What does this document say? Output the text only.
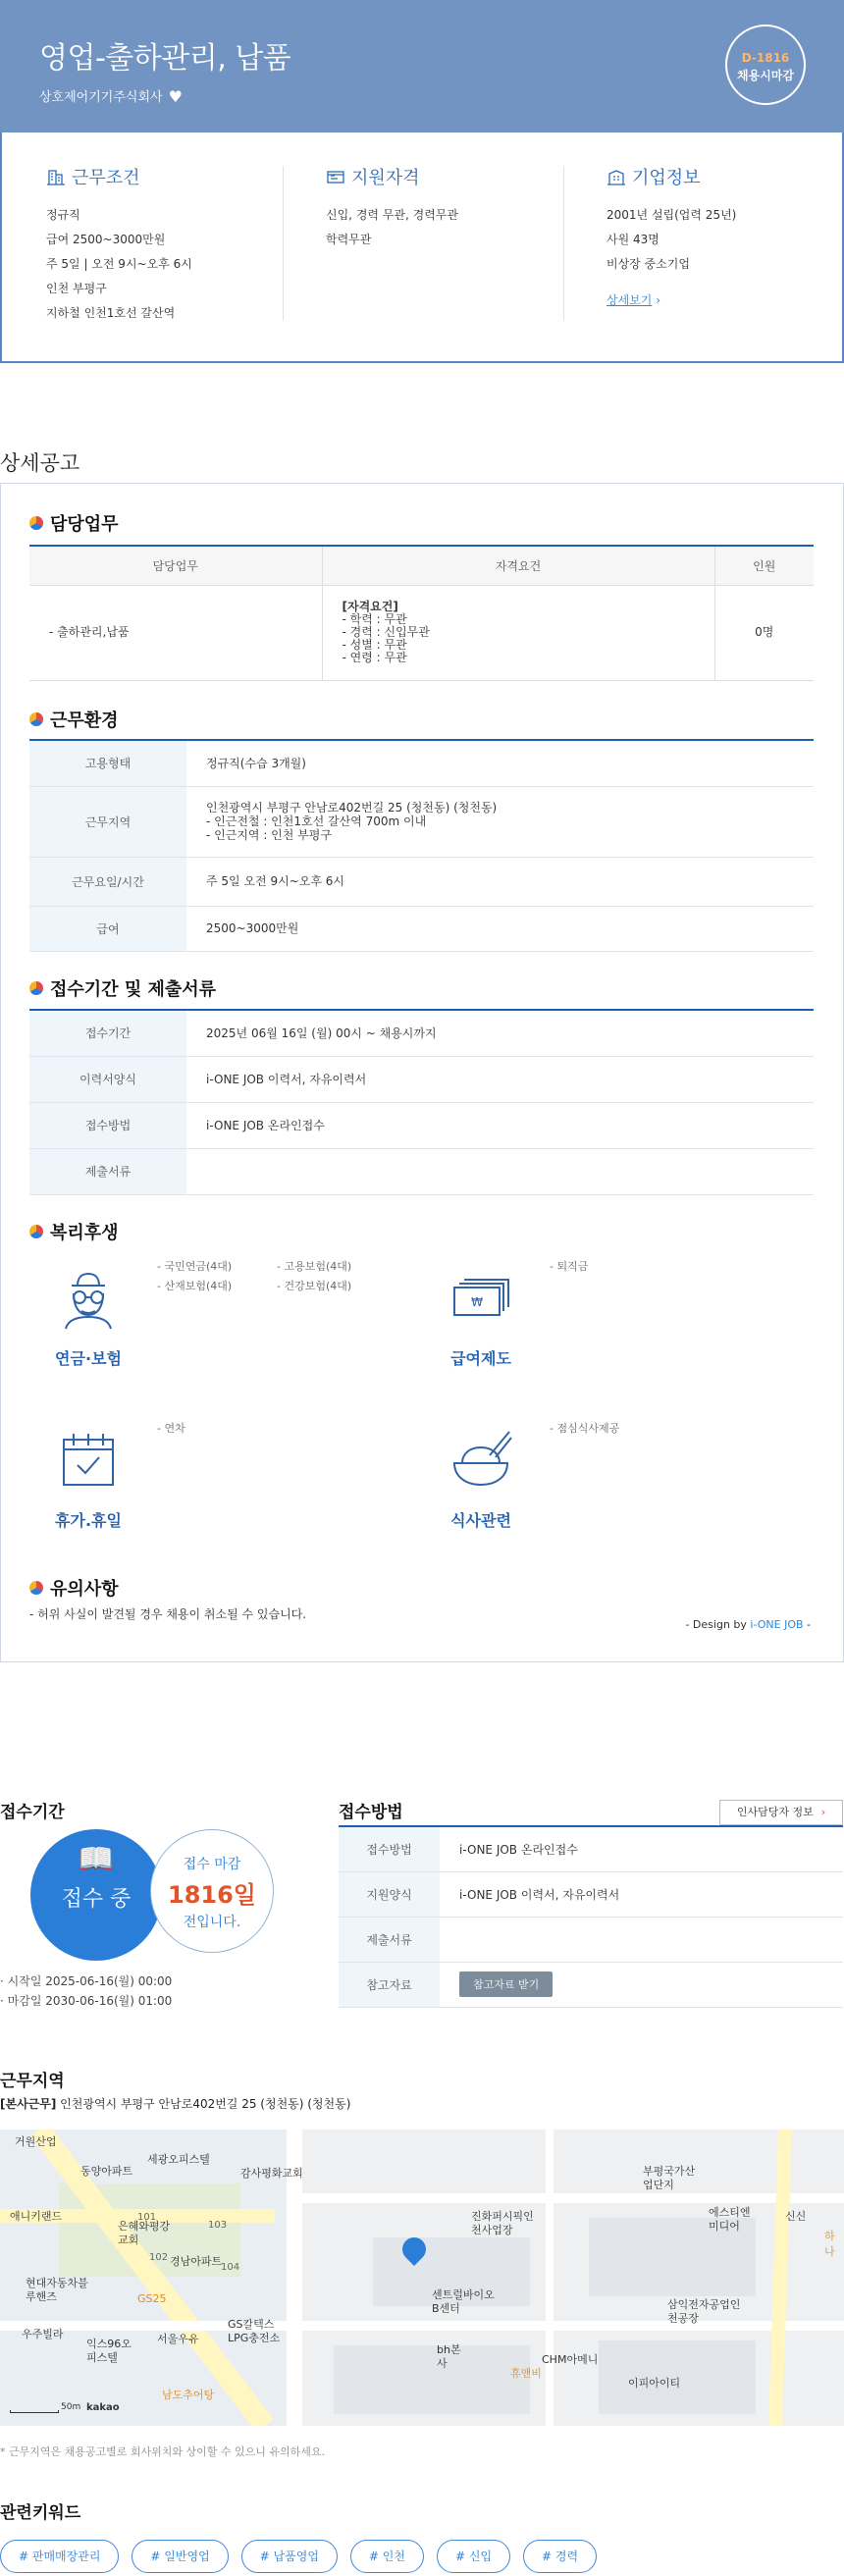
영업-출하관리, 납품
상호제어기기주식회사 ♥
D-1816
채용시마감
근무조건

정규직

급여 2500~3000만원

주 5일 | 오전 9시~오후 6시

인천 부평구

지하철 인천1호선 갈산역

지원자격

신입, 경력 무관, 경력무관

학력무관

기업정보

2001년 설립(업력 25년)

사원 43명

비상장 중소기업

상세보기 ›

상세공고
담당업무
담당업무	자격요건	인원
- 출하관리,납품	[자격요건]
- 학력 : 무관
- 경력 : 신입무관
- 성별 : 무관
- 연령 : 무관	0명
근무환경
고용형태	정규직(수습 3개월)
근무지역	인천광역시 부평구 안남로402번길 25 (청천동) (청천동)
- 인근전철 : 인천1호선 갈산역 700m 이내
- 인근지역 : 인천 부평구

근무요일/시간	주 5일 오전 9시~오후 6시
급여	2500~3000만원
접수기간 및 제출서류
접수기간	2025년 06월 16일 (월) 00시 ~ 채용시까지
이력서양식	i-ONE JOB 이력서, 자유이력서
접수방법	i-ONE JOB 온라인접수
제출서류	
복리후생
연금·보험
- 국민연금(4대)
- 산재보험(4대)
- 고용보험(4대)
- 건강보험(4대)
₩
급여제도
- 퇴직금
휴가.휴일
- 연차
식사관련
- 점심식사제공
유의사항
- 허위 사실이 발견될 경우 채용이 취소될 수 있습니다.
- Design by i-ONE JOB -
접수기간
📖
접수 중
접수 마감
1816일
전입니다.
· 시작일 2025-06-16(월) 00:00
· 마감일 2030-06-16(월) 01:00
접수방법	인사담당자 정보 ›
접수방법	i-ONE JOB 온라인접수
지원양식	i-ONE JOB 이력서, 자유이력서
제출서류	
참고자료	참고자료 받기
근무지역
[본사근무] 인천광역시 부평구 안남로402번길 25 (청천동) (청천동)
거원산업
동양아파트
세광오피스텔
감사평화교회	부평국가산업단지
에스티엔미디어
신신
하나
애니키랜드
은혜와평강교회
경남아파트
101
102
103
104
현대자동차블루핸즈	GS25
GS칼텍스LPG충전소
우주빌라
익스96오피스텔
서울우유
진화퍼시픽인천사업장
센트럴바이오B센터
bh본사
휴앤비
CHM아메니
이피아이티
삼익전자공업인천공장
남도추어탕
50m kakao
* 근무지역은 채용공고별로 회사위치와 상이할 수 있으니 유의하세요.
관련키워드
# 판매매장관리	# 일반영업	# 납품영업	# 인천	# 신입	# 경력
